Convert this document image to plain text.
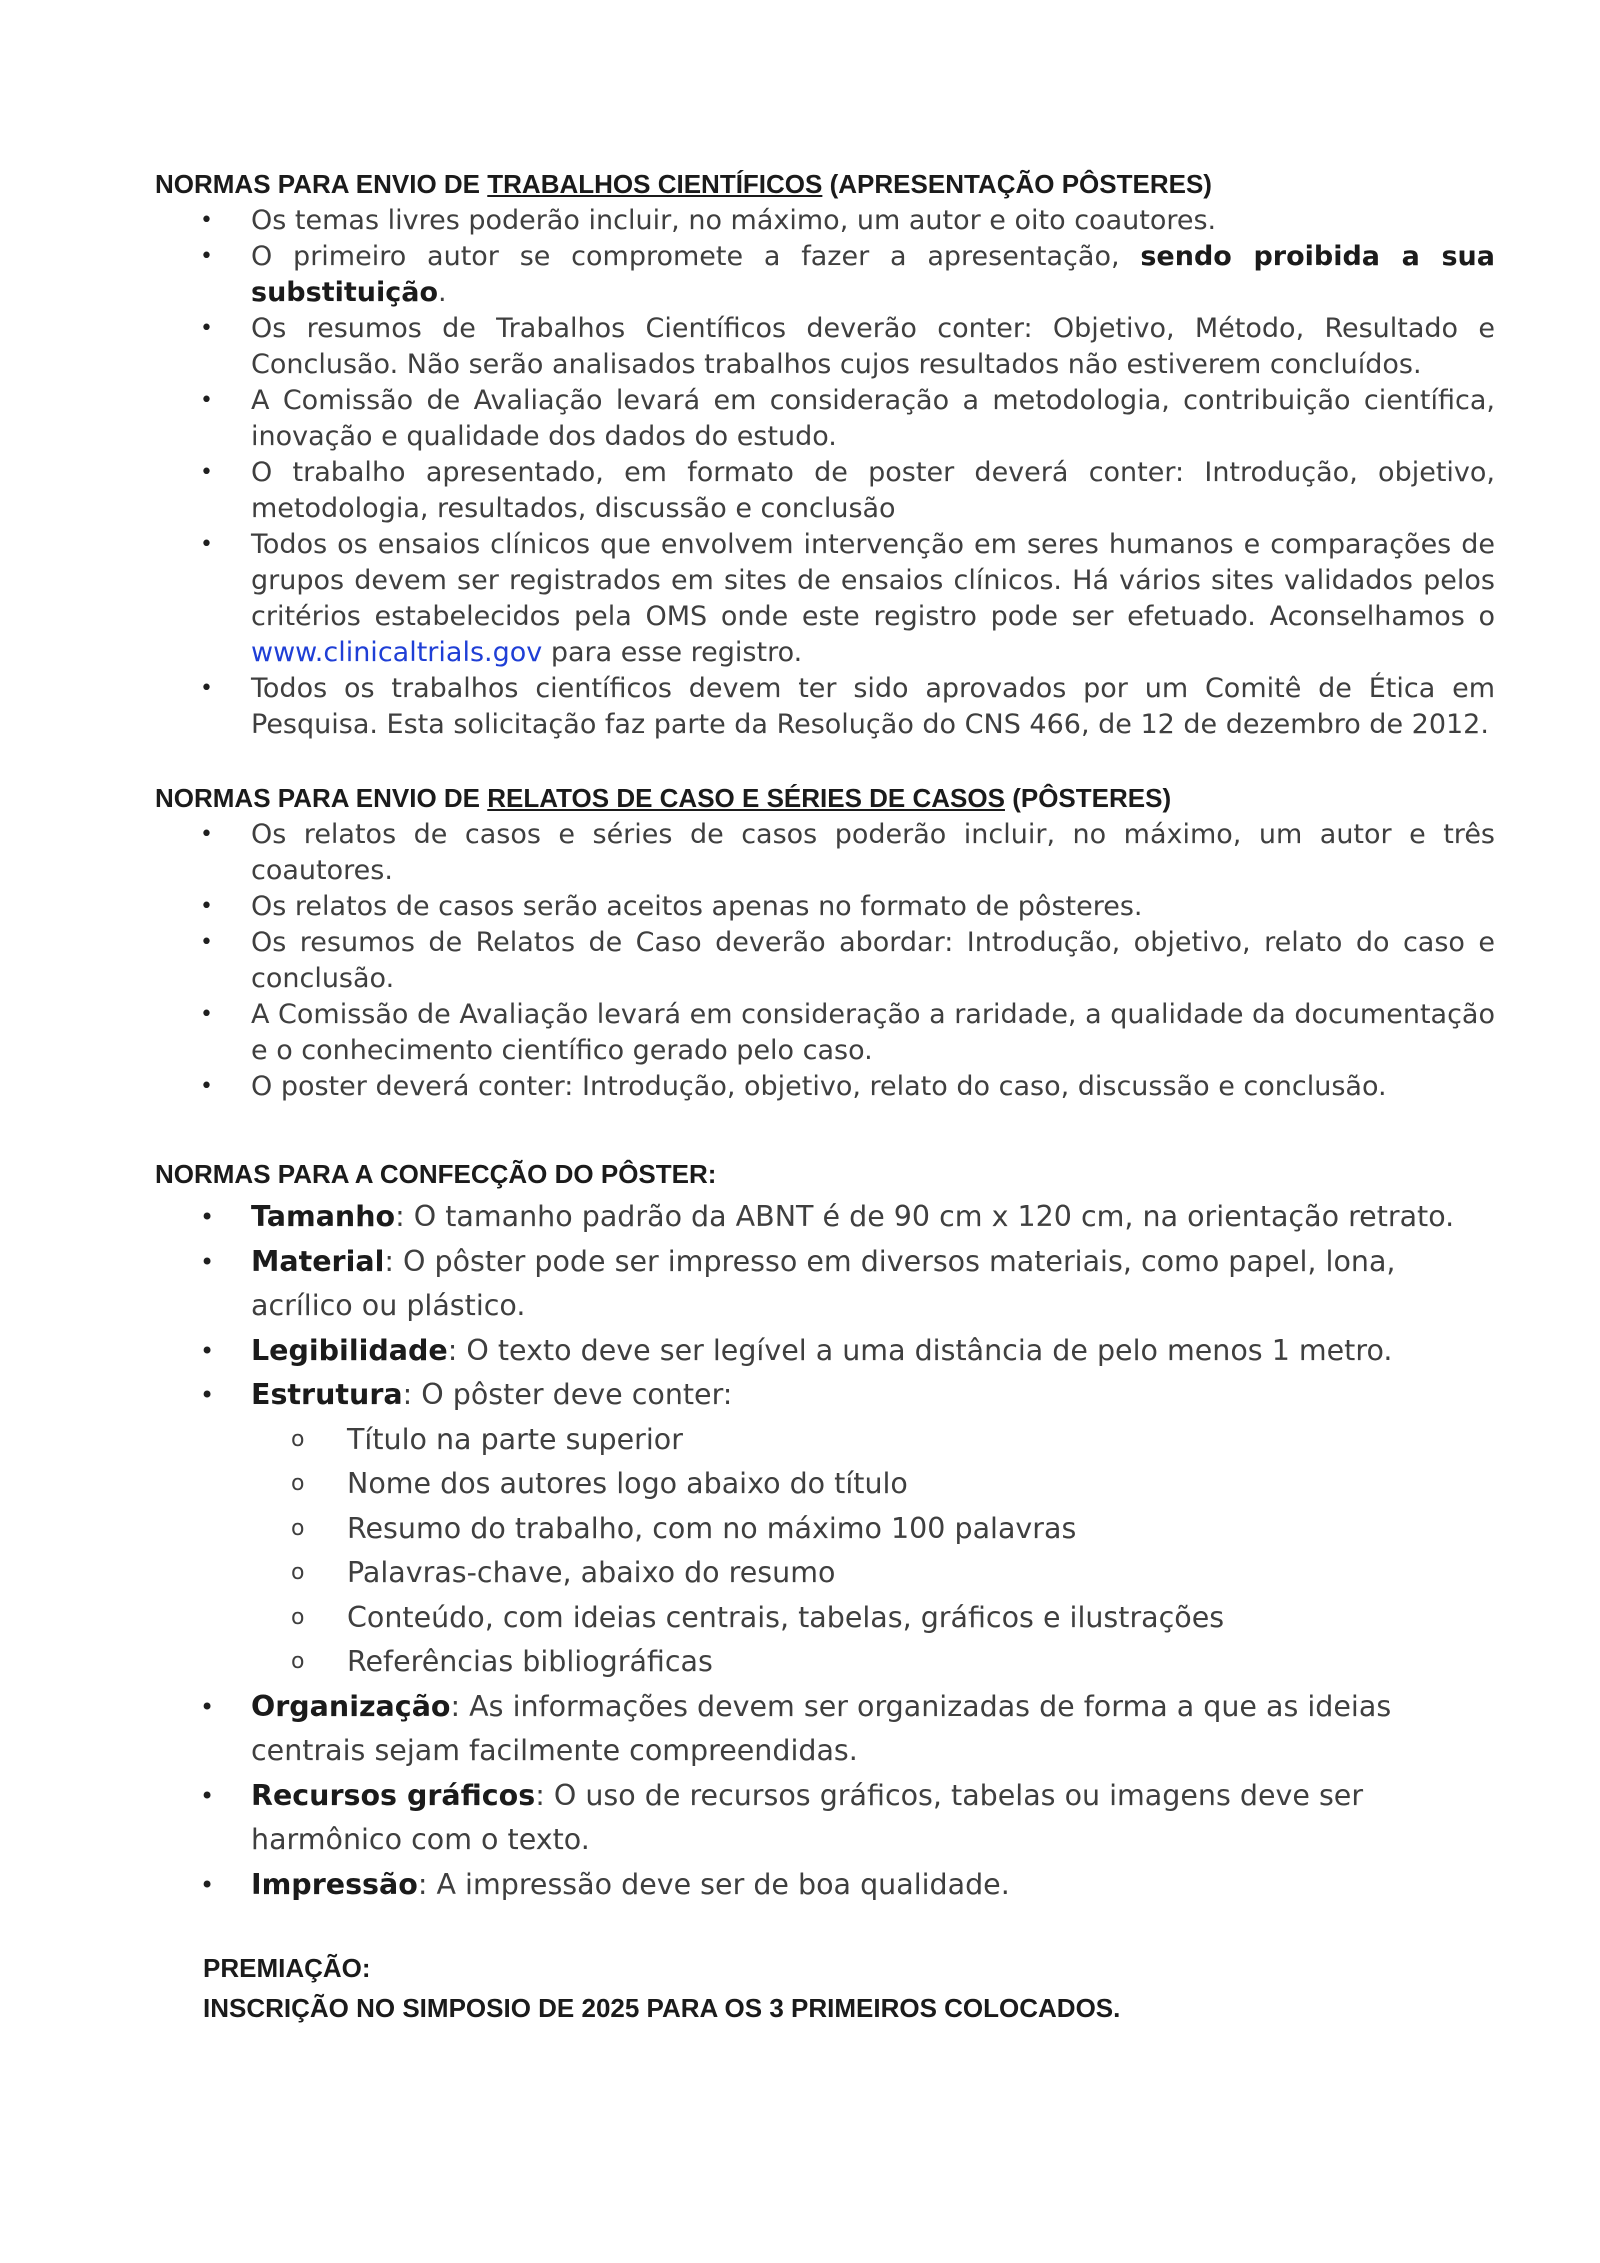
NORMAS PARA ENVIO DE TRABALHOS CIENTÍFICOS (APRESENTAÇÃO PÔSTERES)
• Os temas livres poderão incluir, no máximo, um autor e oito coautores.
• O primeiro autor se compromete a fazer a apresentação, sendo proibida a sua substituição.
• Os resumos de Trabalhos Científicos deverão conter: Objetivo, Método, Resultado e Conclusão. Não serão analisados trabalhos cujos resultados não estiverem concluídos.
• A Comissão de Avaliação levará em consideração a metodologia, contribuição científica, inovação e qualidade dos dados do estudo.
• O trabalho apresentado, em formato de poster deverá conter: Introdução, objetivo, metodologia, resultados, discussão e conclusão
• Todos os ensaios clínicos que envolvem intervenção em seres humanos e comparações de grupos devem ser registrados em sites de ensaios clínicos. Há vários sites validados pelos critérios estabelecidos pela OMS onde este registro pode ser efetuado. Aconselhamos o www.clinicaltrials.gov para esse registro.
• Todos os trabalhos científicos devem ter sido aprovados por um Comitê de Ética em Pesquisa. Esta solicitação faz parte da Resolução do CNS 466, de 12 de dezembro de 2012.
NORMAS PARA ENVIO DE RELATOS DE CASO E SÉRIES DE CASOS (PÔSTERES)
• Os relatos de casos e séries de casos poderão incluir, no máximo, um autor e três coautores.
• Os relatos de casos serão aceitos apenas no formato de pôsteres.
• Os resumos de Relatos de Caso deverão abordar: Introdução, objetivo, relato do caso e conclusão.
• A Comissão de Avaliação levará em consideração a raridade, a qualidade da documentação e o conhecimento científico gerado pelo caso.
• O poster deverá conter: Introdução, objetivo, relato do caso, discussão e conclusão.
NORMAS PARA A CONFECÇÃO DO PÔSTER:
• Tamanho: O tamanho padrão da ABNT é de 90 cm x 120 cm, na orientação retrato.
• Material: O pôster pode ser impresso em diversos materiais, como papel, lona, acrílico ou plástico.
• Legibilidade: O texto deve ser legível a uma distância de pelo menos 1 metro.
• Estrutura: O pôster deve conter:
o Título na parte superior
o Nome dos autores logo abaixo do título
o Resumo do trabalho, com no máximo 100 palavras
o Palavras-chave, abaixo do resumo
o Conteúdo, com ideias centrais, tabelas, gráficos e ilustrações
o Referências bibliográficas
• Organização: As informações devem ser organizadas de forma a que as ideias centrais sejam facilmente compreendidas.
• Recursos gráficos: O uso de recursos gráficos, tabelas ou imagens deve ser harmônico com o texto.
• Impressão: A impressão deve ser de boa qualidade.
PREMIAÇÃO:
INSCRIÇÃO NO SIMPOSIO DE 2025 PARA OS 3 PRIMEIROS COLOCADOS.
